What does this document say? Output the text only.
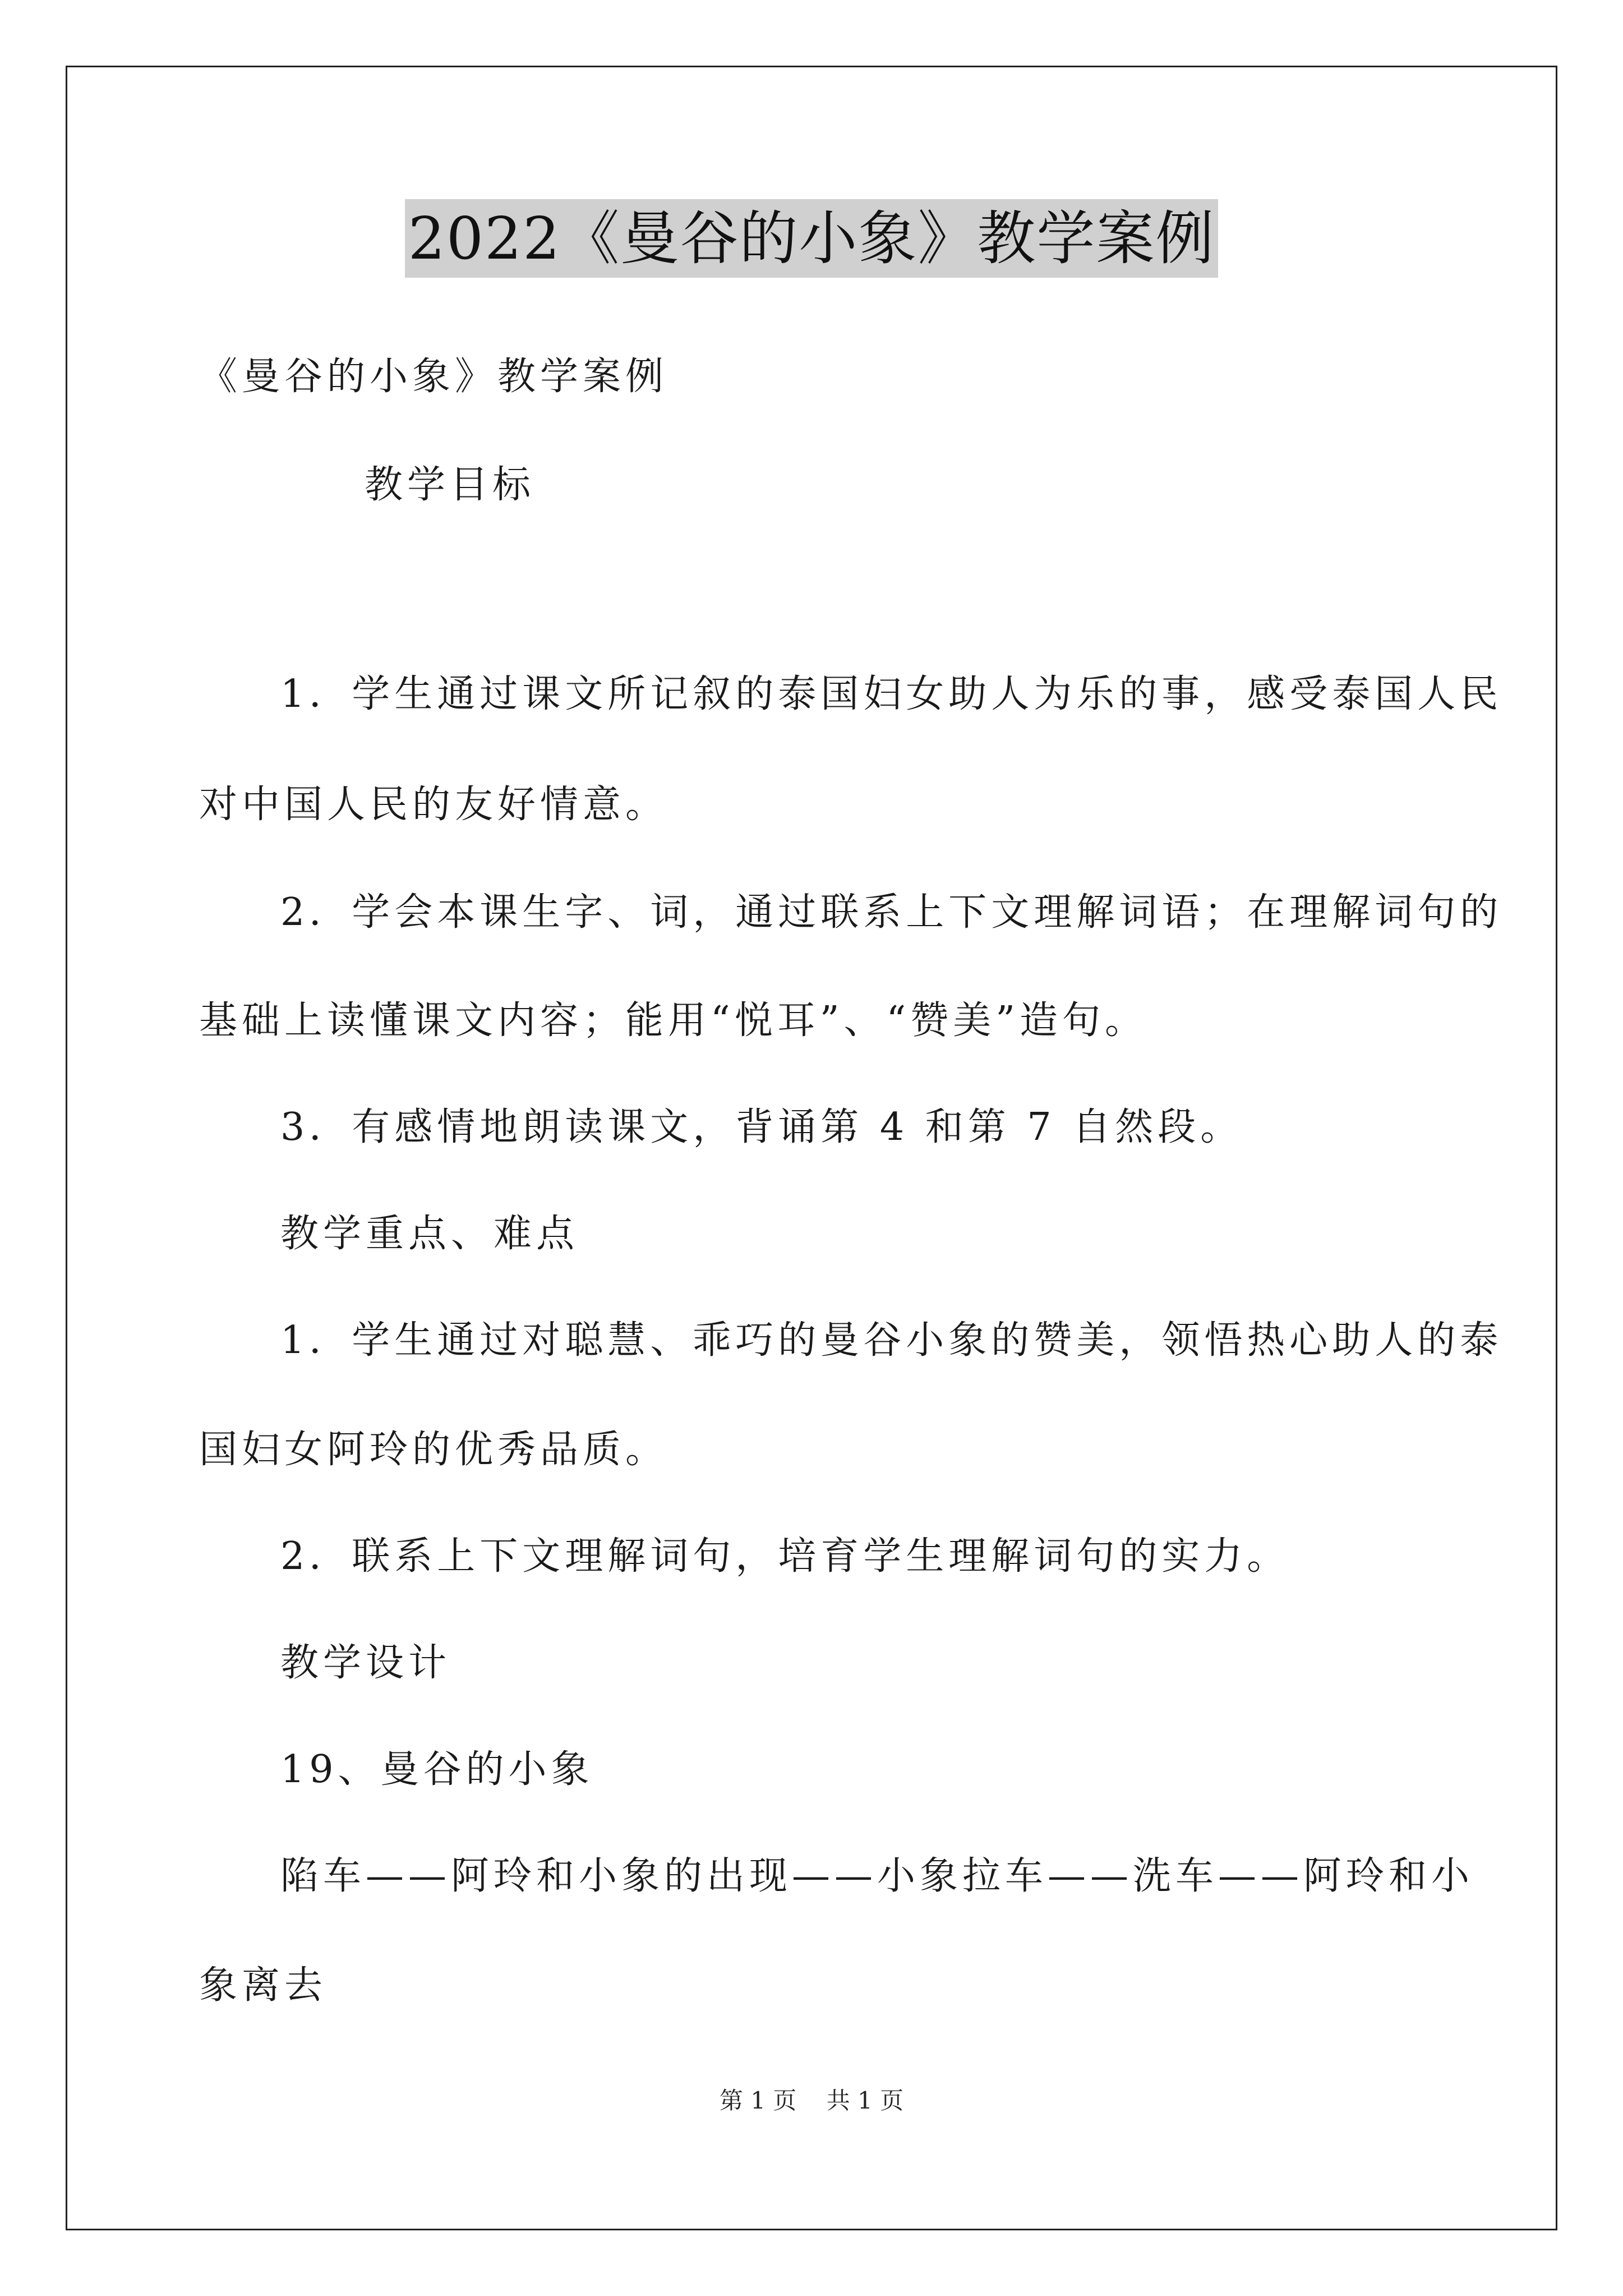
2022《曼谷的小象》教学案例
《曼谷的小象》教学案例
教学目标
1．学生通过课文所记叙的泰国妇女助人为乐的事，感受泰国人民
对中国人民的友好情意。
2．学会本课生字、词，通过联系上下文理解词语；在理解词句的
基础上读懂课文内容；能用“悦耳”、“赞美”造句。
3．有感情地朗读课文，背诵第 4 和第 7 自然段。
教学重点、难点
1．学生通过对聪慧、乖巧的曼谷小象的赞美，领悟热心助人的泰
国妇女阿玲的优秀品质。
2．联系上下文理解词句，培育学生理解词句的实力。
教学设计
19、曼谷的小象
陷车——阿玲和小象的出现——小象拉车——洗车——阿玲和小
象离去
第 1 页    共 1 页
